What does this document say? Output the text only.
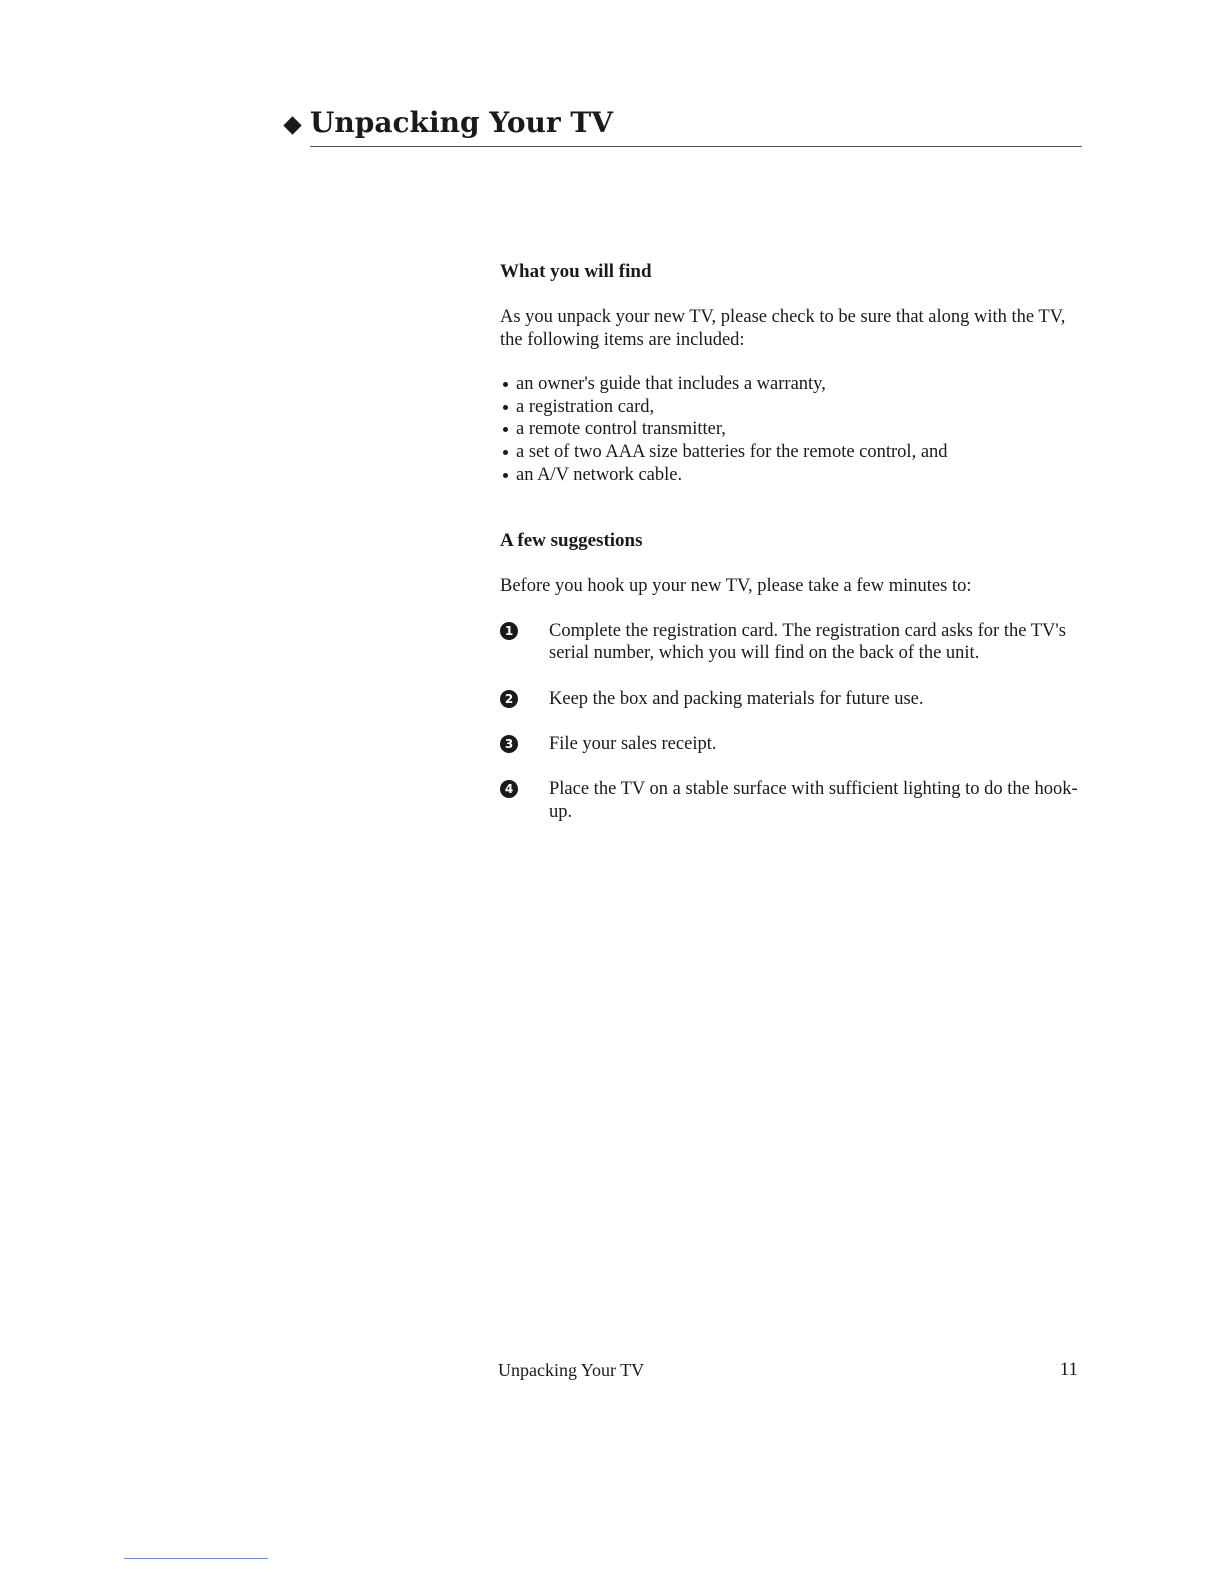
Unpacking Your TV
What you will find

As you unpack your new TV, please check to be sure that along with the TV, the following items are included:

an owner's guide that includes a warranty,
a registration card,
a remote control transmitter,
a set of two AAA size batteries for the remote control, and
an A/V network cable.
A few suggestions

Before you hook up your new TV, please take a few minutes to:

1 Complete the registration card. The registration card asks for the TV's serial number, which you will find on the back of the unit.
2 Keep the box and packing materials for future use.
3 File your sales receipt.
4 Place the TV on a stable surface with sufficient lighting to do the hook-up.
Unpacking Your TV	11
